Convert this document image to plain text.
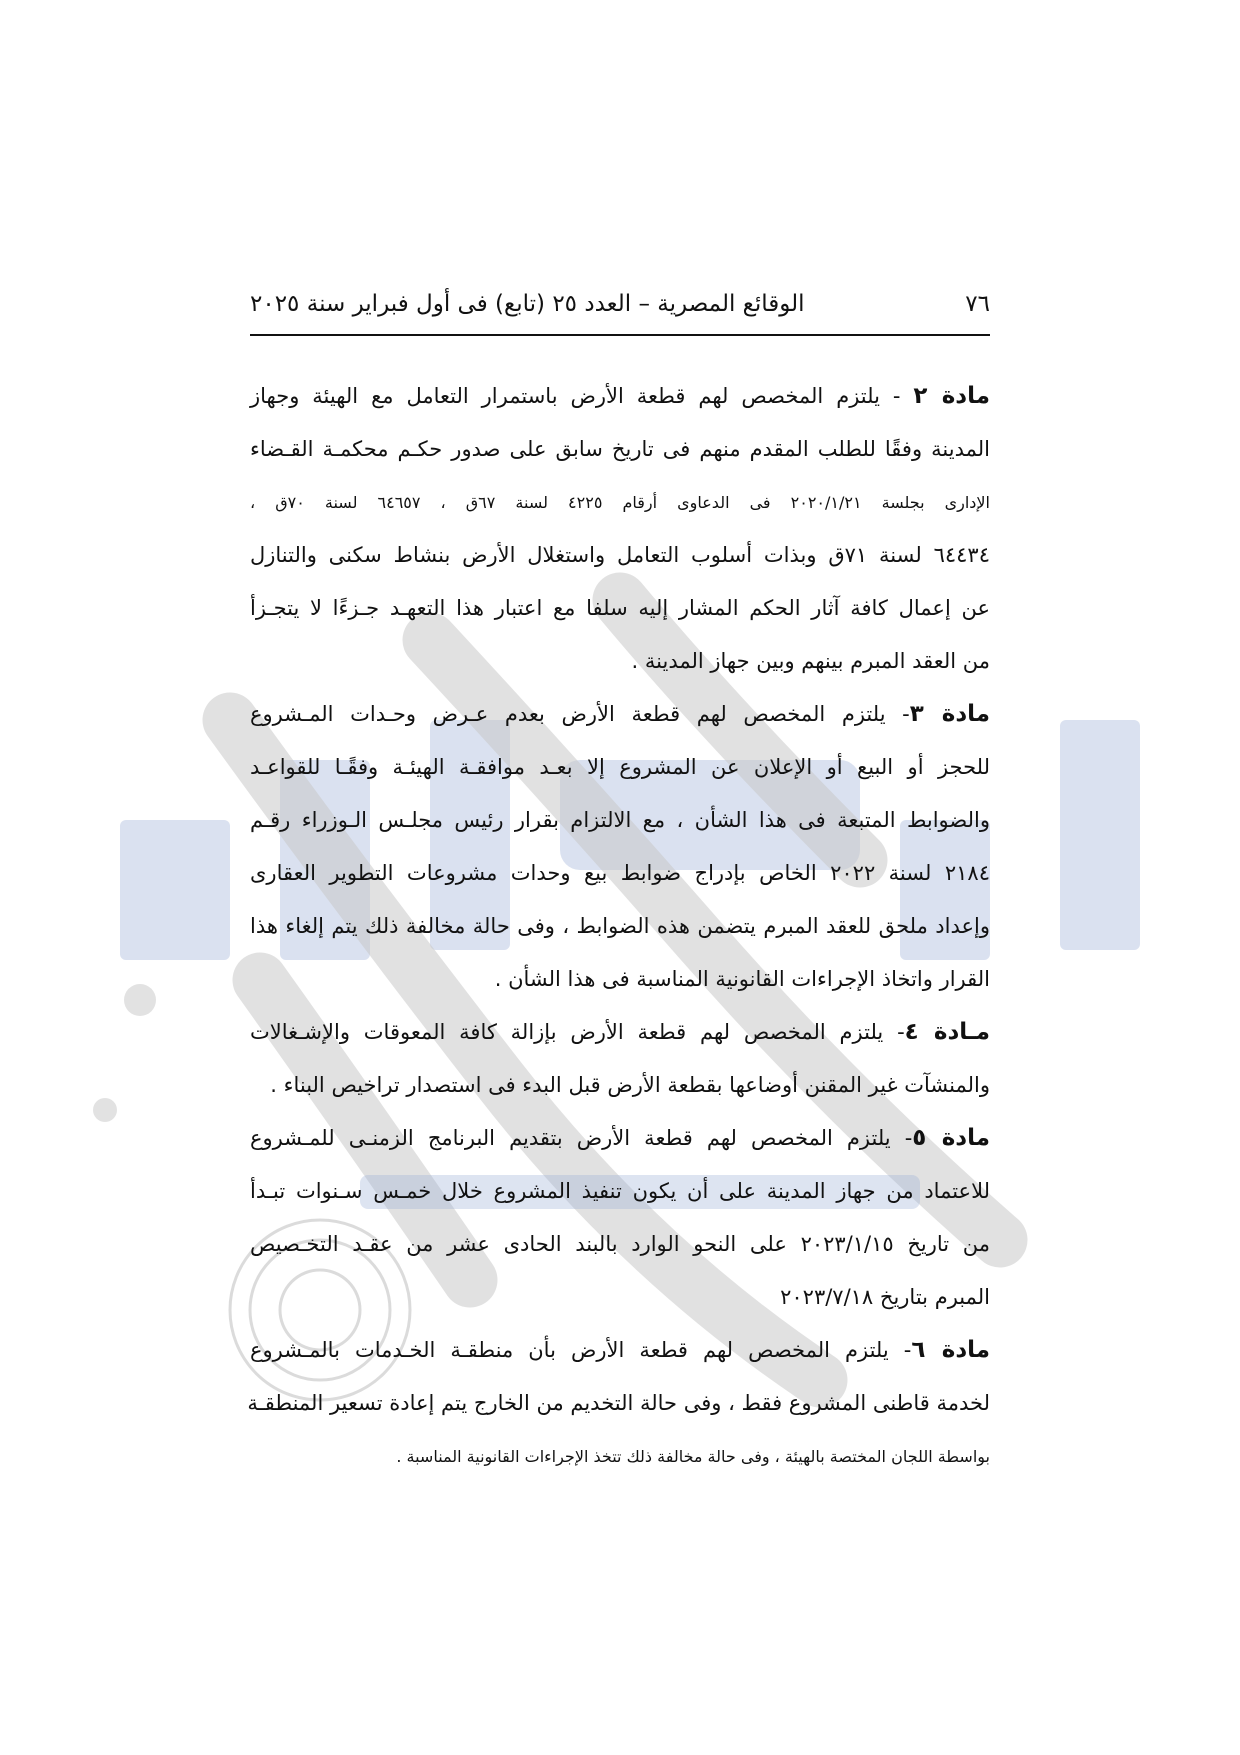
٧٦
الوقائع المصرية – العدد ٢٥ (تابع) فى أول فبراير سنة ٢٠٢٥
مادة ٢ - يلتزم المخصص لهم قطعة الأرض باستمرار التعامل مع الهيئة وجهاز
المدينة وفقًا للطلب المقدم منهم فى تاريخ سابق على صدور حكـم محكمـة القـضاء
الإدارى بجلسة ٢٠٢٠/١/٢١ فى الدعاوى أرقام ٤٢٢٥ لسنة ٦٧ق ، ٦٤٦٥٧ لسنة ٧٠ق ،
٦٤٤٣٤ لسنة ٧١ق وبذات أسلوب التعامل واستغلال الأرض بنشاط سكنى والتنازل
عن إعمال كافة آثار الحكم المشار إليه سلفا مع اعتبار هذا التعهـد جـزءًا لا يتجـزأ
من العقد المبرم بينهم وبين جهاز المدينة .
مادة ٣- يلتزم المخصص لهم قطعة الأرض بعدم عـرض وحـدات المـشروع
للحجز أو البيع أو الإعلان عن المشروع إلا بعـد موافقـة الهيئـة وفقًـا للقواعـد
والضوابط المتبعة فى هذا الشأن ، مع الالتزام بقرار رئيس مجلـس الـوزراء رقـم
٢١٨٤ لسنة ٢٠٢٢ الخاص بإدراج ضوابط بيع وحدات مشروعات التطوير العقارى
وإعداد ملحق للعقد المبرم يتضمن هذه الضوابط ، وفى حالة مخالفة ذلك يتم إلغاء هذا
القرار واتخاذ الإجراءات القانونية المناسبة فى هذا الشأن .
مـادة ٤- يلتزم المخصص لهم قطعة الأرض بإزالة كافة المعوقات والإشـغالات
والمنشآت غير المقنن أوضاعها بقطعة الأرض قبل البدء فى استصدار تراخيص البناء .
مادة ٥- يلتزم المخصص لهم قطعة الأرض بتقديم البرنامج الزمنـى للمـشروع
للاعتماد من جهاز المدينة على أن يكون تنفيذ المشروع خلال خمـس سـنوات تبـدأ
من تاريخ ٢٠٢٣/١/١٥ على النحو الوارد بالبند الحادى عشر من عقـد التخـصيص
المبرم بتاريخ ٢٠٢٣/٧/١٨
مادة ٦- يلتزم المخصص لهم قطعة الأرض بأن منطقـة الخـدمات بالمـشروع
لخدمة قاطنى المشروع فقط ، وفى حالة التخديم من الخارج يتم إعادة تسعير المنطقـة
بواسطة اللجان المختصة بالهيئة ، وفى حالة مخالفة ذلك تتخذ الإجراءات القانونية المناسبة .
